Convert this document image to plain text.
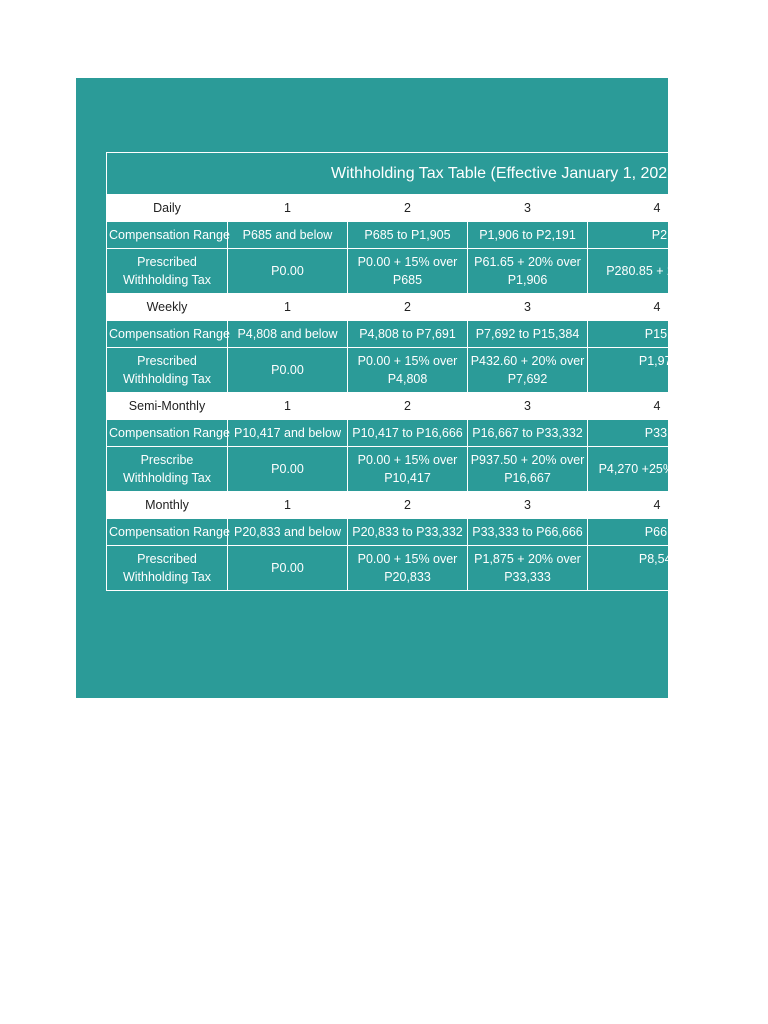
Withholding Tax Table (Effective January 1, 2023 O				
Daily	1	2	3	4
Compensation Range	P685 and below	P685 to P1,905	P1,906 to P2,191	P2,192 to P5
Prescribed Withholding Tax	P0.00	P0.00 + 15% over P685	P61.65 + 20% over P1,906	P280.85 + 25 P2,192
Weekly	1	2	3	4
Compensation Range	P4,808 and below	P4,808 to P7,691	P7,692 to P15,384	P15,385 to P3
Prescribed Withholding Tax	P0.00	P0.00 + 15% over P4,808	P432.60 + 20% over P7,692	P1,971.20 + 25 P15,385
Semi-Monthly	1	2	3	4
Compensation Range	P10,417 and below	P10,417 to P16,666	P16,667 to P33,332	P33,333 to P8
Prescribe Withholding Tax	P0.00	P0.00 + 15% over P10,417	P937.50 + 20% over P16,667	P4,270 +25% P33,333
Monthly	1	2	3	4
Compensation Range	P20,833 and below	P20,833 to P33,332	P33,333 to P66,666	P66,667 to P1
Prescribed Withholding Tax	P0.00	P0.00 + 15% over P20,833	P1,875 + 20% over P33,333	P8,541.80 + 25 P66,667
